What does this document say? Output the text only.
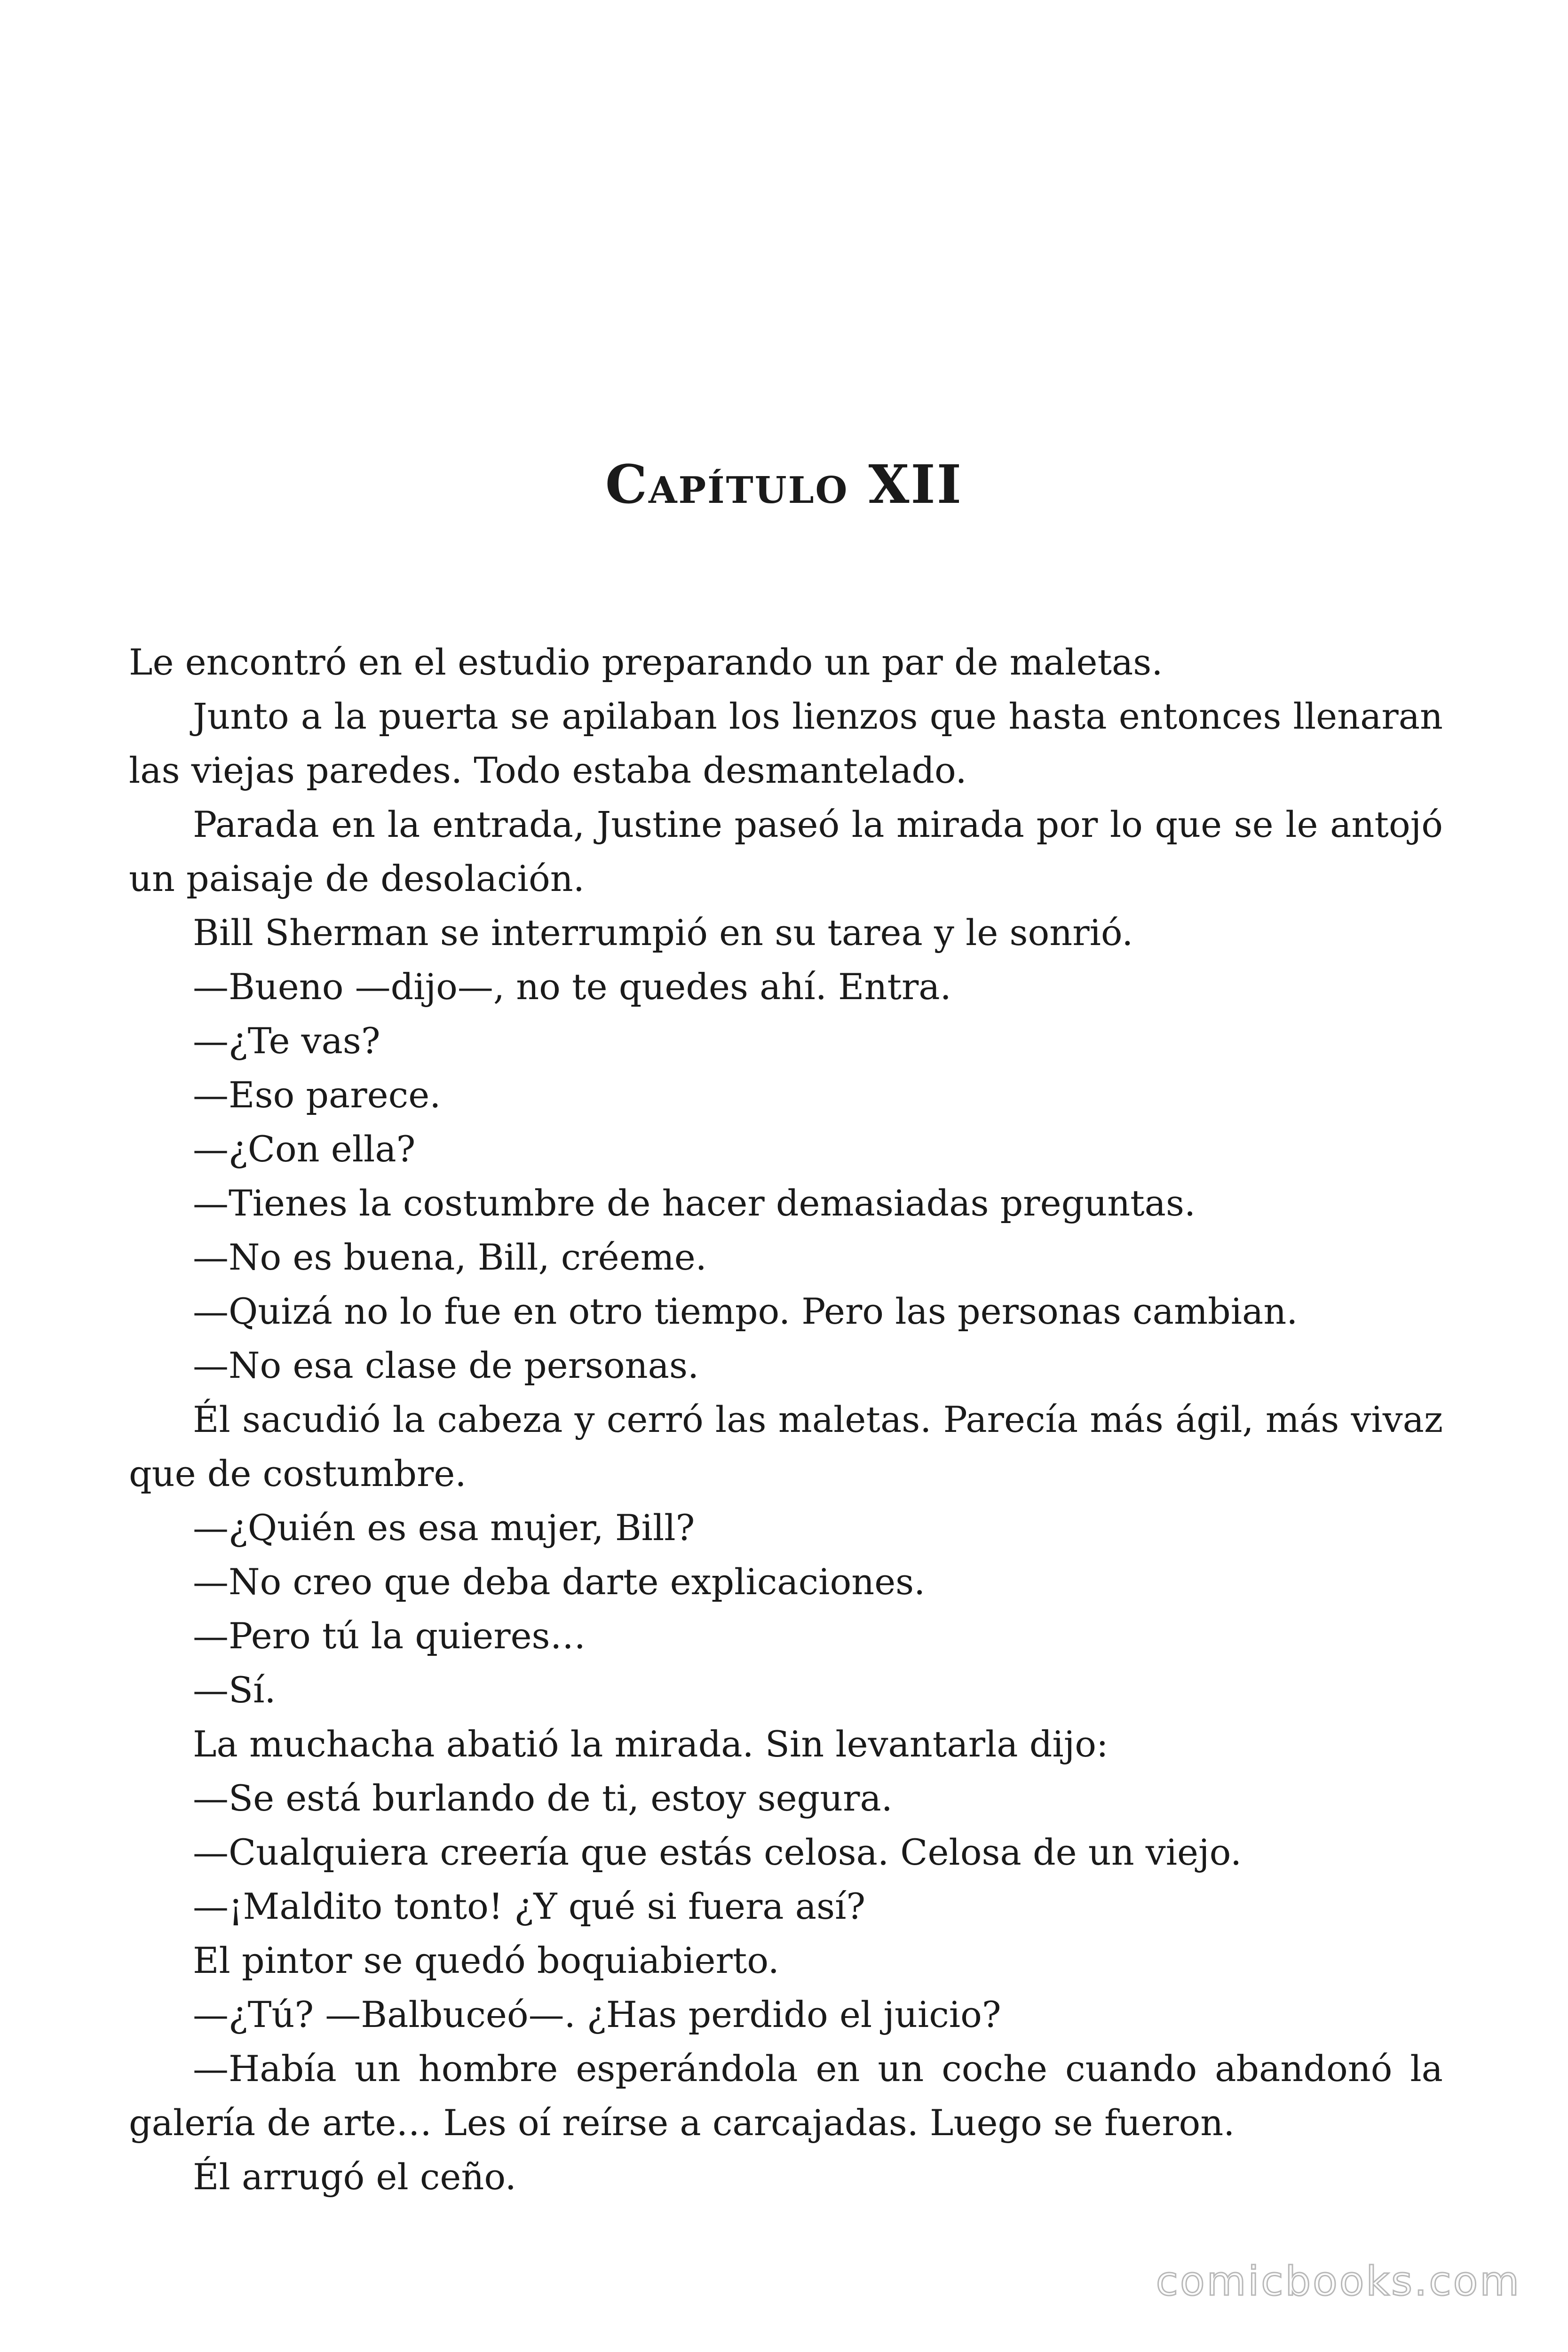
Capítulo XII

Le encontró en el estudio preparando un par de maletas.

Junto a la puerta se apilaban los lienzos que hasta entonces llenaran las viejas paredes. Todo estaba desmantelado.

Parada en la entrada, Justine paseó la mirada por lo que se le antojó un paisaje de desolación.

Bill Sherman se interrumpió en su tarea y le sonrió.

—Bueno —dijo—, no te quedes ahí. Entra.

—¿Te vas?

—Eso parece.

—¿Con ella?

—Tienes la costumbre de hacer demasiadas preguntas.

—No es buena, Bill, créeme.

—Quizá no lo fue en otro tiempo. Pero las personas cambian.

—No esa clase de personas.

Él sacudió la cabeza y cerró las maletas. Parecía más ágil, más vivaz que de costumbre.

—¿Quién es esa mujer, Bill?

—No creo que deba darte explicaciones.

—Pero tú la quieres…

—Sí.

La muchacha abatió la mirada. Sin levantarla dijo:

—Se está burlando de ti, estoy segura.

—Cualquiera creería que estás celosa. Celosa de un viejo.

—¡Maldito tonto! ¿Y qué si fuera así?

El pintor se quedó boquiabierto.

—¿Tú? —Balbuceó—. ¿Has perdido el juicio?

—Había un hombre esperándola en un coche cuando abandonó la galería de arte… Les oí reírse a carcajadas. Luego se fueron.

Él arrugó el ceño.

comicbooks.com
